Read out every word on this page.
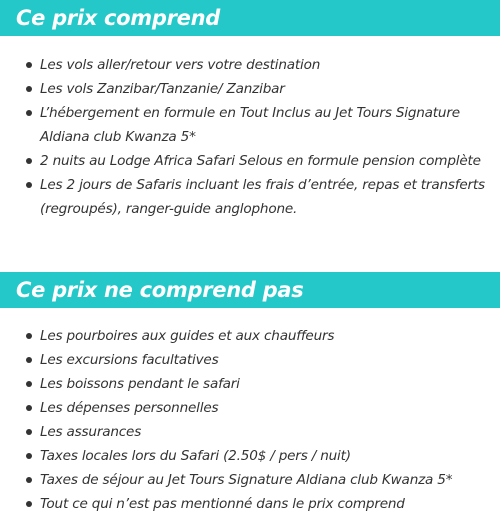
Ce prix comprend
Les vols aller/retour vers votre destination
Les vols Zanzibar/Tanzanie/ Zanzibar
L’hébergement en formule en Tout Inclus au Jet Tours Signature Aldiana club Kwanza 5*
2 nuits au Lodge Africa Safari Selous en formule pension complète
Les 2 jours de Safaris incluant les frais d’entrée, repas et transferts (regroupés), ranger-guide anglophone.
Ce prix ne comprend pas
Les pourboires aux guides et aux chauffeurs
Les excursions facultatives
Les boissons pendant le safari
Les dépenses personnelles
Les assurances
Taxes locales lors du Safari (2.50$ / pers / nuit)
Taxes de séjour au Jet Tours Signature Aldiana club Kwanza 5*
Tout ce qui n’est pas mentionné dans le prix comprend
